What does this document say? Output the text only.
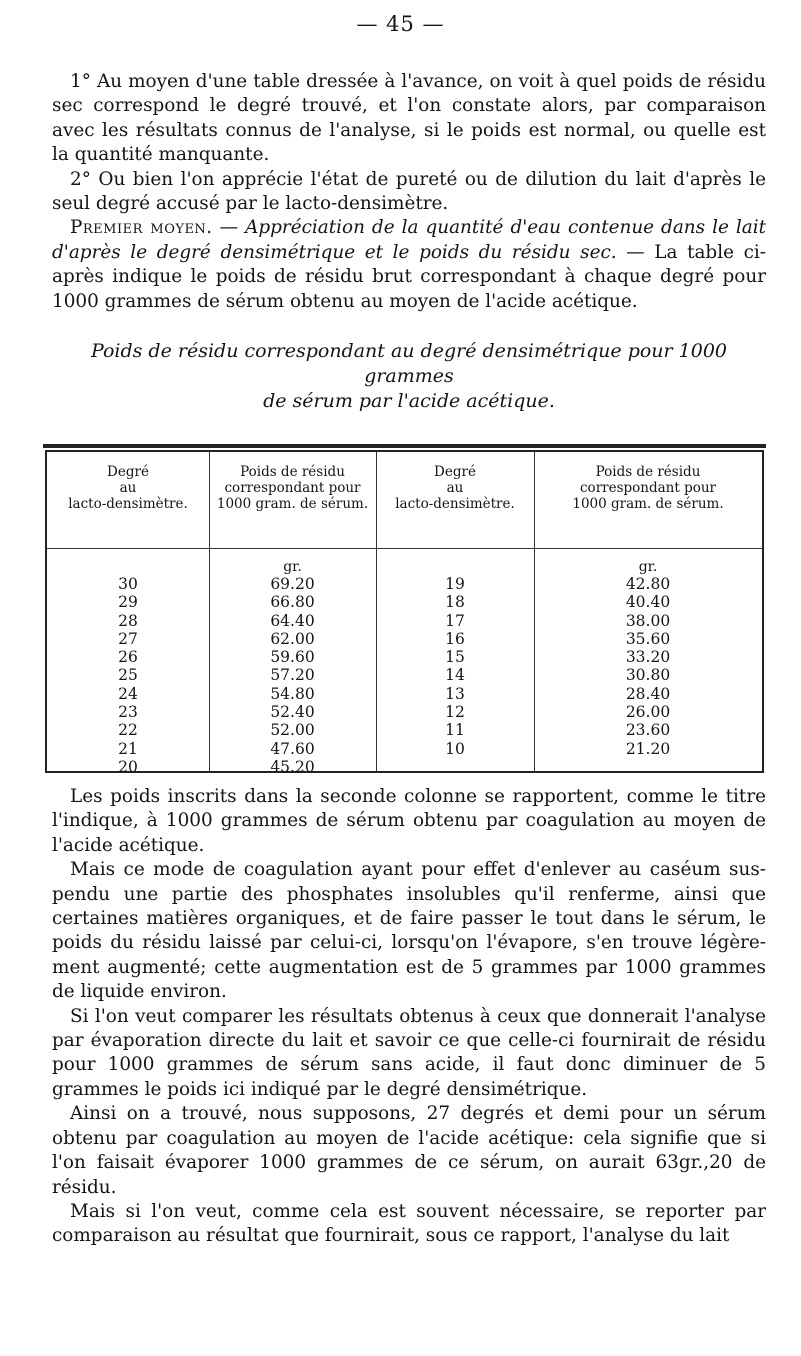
— 45 —

1° Au moyen d'une table dressée à l'avance, on voit à quel poids de résidu sec correspond le degré trouvé, et l'on constate alors, par comparaison avec les résultats connus de l'analyse, si le poids est normal, ou quelle est la quantité manquante.

2° Ou bien l'on apprécie l'état de pureté ou de dilution du lait d'après le seul degré accusé par le lacto-densimètre.

Premier moyen. — Appréciation de la quantité d'eau contenue dans le lait d'après le degré densimétrique et le poids du résidu sec. — La table ci-après indique le poids de résidu brut correspondant à chaque degré pour 1000 grammes de sérum obtenu au moyen de l'acide acétique.

Poids de résidu correspondant au degré densimétrique pour 1000 grammes
de sérum par l'acide acétique.
Degré
au
lacto-densimètre.
30
29
28
27
26
25
24
23
22
21
20
Poids de résidu
correspondant pour
1000 gram. de sérum.
gr.
69.20
66.80
64.40
62.00
59.60
57.20
54.80
52.40
52.00
47.60
45.20
Degré
au
lacto-densimètre.
19
18
17
16
15
14
13
12
11
10
Poids de résidu
correspondant pour
1000 gram. de sérum.
gr.
42.80
40.40
38.00
35.60
33.20
30.80
28.40
26.00
23.60
21.20

Les poids inscrits dans la seconde colonne se rapportent, comme le titre l'indique, à 1000 grammes de sérum obtenu par coagulation au moyen de l'acide acétique.

Mais ce mode de coagulation ayant pour effet d'enlever au caséum suspendu une partie des phosphates insolubles qu'il renferme, ainsi que certaines matières organiques, et de faire passer le tout dans le sérum, le poids du résidu laissé par celui-ci, lorsqu'on l'évapore, s'en trouve légèrement augmenté; cette augmentation est de 5 grammes par 1000 grammes de liquide environ.

Si l'on veut comparer les résultats obtenus à ceux que donnerait l'analyse par évaporation directe du lait et savoir ce que celle-ci fournirait de résidu pour 1000 grammes de sérum sans acide, il faut donc diminuer de 5 grammes le poids ici indiqué par le degré densimétrique.

Ainsi on a trouvé, nous supposons, 27 degrés et demi pour un sérum obtenu par coagulation au moyen de l'acide acétique: cela signifie que si l'on faisait évaporer 1000 grammes de ce sérum, on aurait 63gr.,20 de résidu.

Mais si l'on veut, comme cela est souvent nécessaire, se reporter par comparaison au résultat que fournirait, sous ce rapport, l'analyse du lait
